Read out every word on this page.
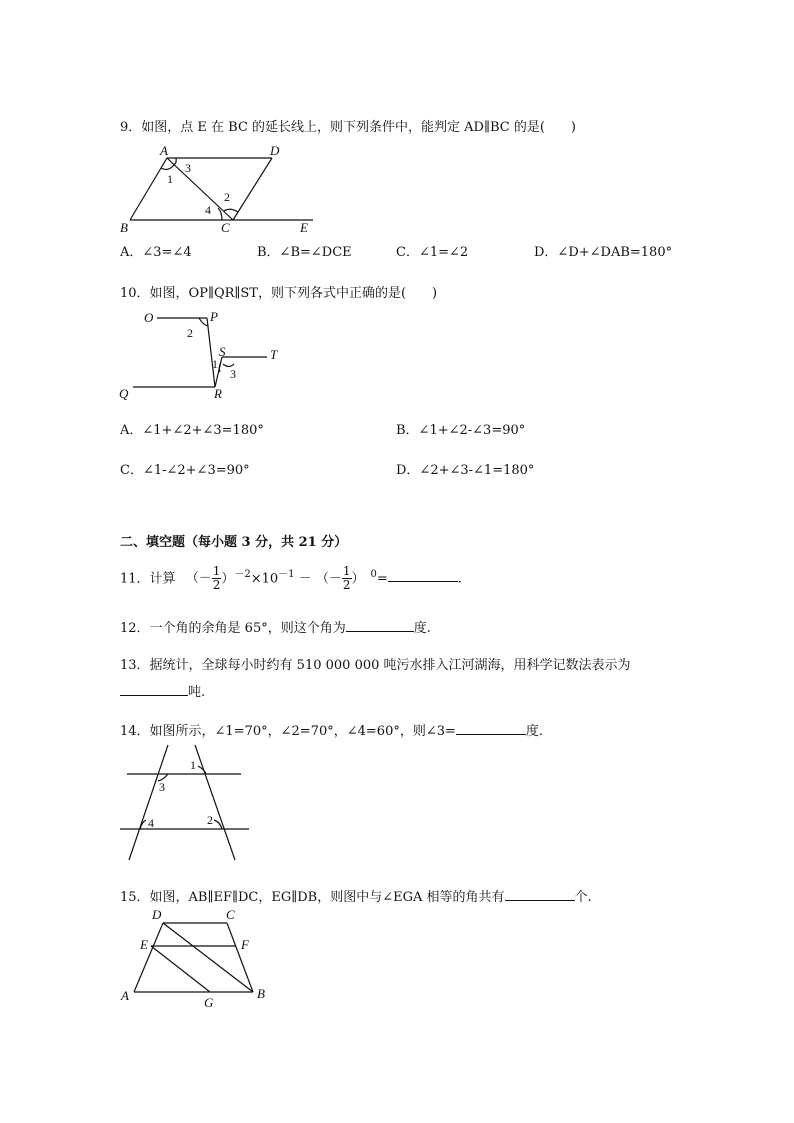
9．如图，点 E 在 BC 的延长线上，则下列条件中，能判定 AD∥BC 的是(　　)
A	D
B	C	E
3
1
2
4
A．∠3=∠4	B．∠B=∠DCE	C．∠1=∠2	D．∠D+∠DAB=180°
10．如图，OP∥QR∥ST，则下列各式中正确的是(　　)
O	P
S	T
Q	R
2
1
3
A．∠1+∠2+∠3=180°	B．∠1+∠2-∠3=90°
C．∠1-∠2+∠3=90°	D．∠2+∠3-∠1=180°
二、填空题（每小题 3 分，共 21 分）
11．计算 （－ $\frac{1}{2} )^{-2}\times 10^{-1}$ － （－ $\frac{1}{2}$ ） $^0$=	.
12．一个角的余角是 65°，则这个角为	度.
13．据统计，全球每小时约有 510 000 000 吨污水排入江河湖海，用科学记数法表示为
吨.
14．如图所示，∠1=70°，∠2=70°，∠4=60°，则∠3=	度.
1
3
4	2
15．如图，AB∥EF∥DC，EG∥DB，则图中与∠EGA 相等的角共有	个.
D	C
E	F
A	G
B
